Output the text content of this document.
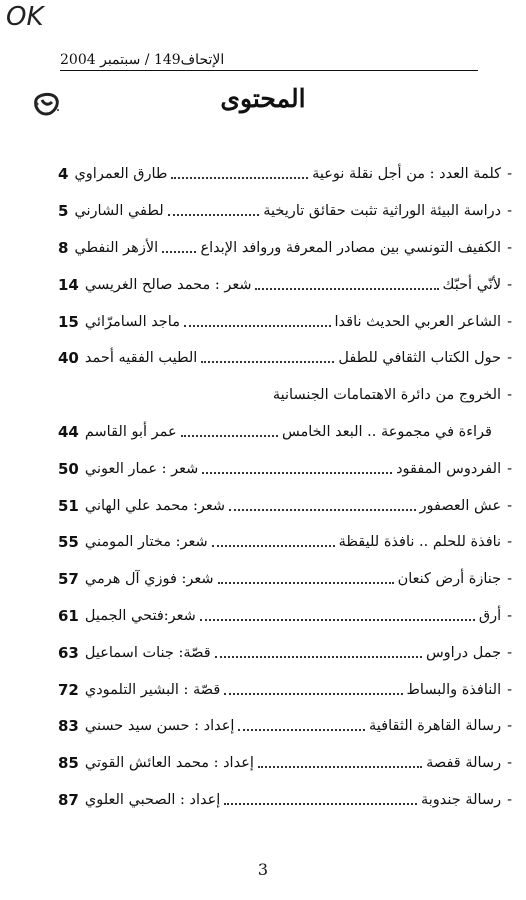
OK
الإتحاف149 / سبتمبر 2004
المحتوى
-
كلمة العدد : من أجل نقلة نوعية
طارق العمراوي
4
-
دراسة البيئة الوراثية تثبت حقائق تاريخية
لطفي الشارني
5
-
الكفيف التونسي بين مصادر المعرفة وروافد الإبداع
الأزهر النفطي
8
-
لأنّي أحبّك
شعر : محمد صالح الغريسي
14
-
الشاعر العربي الحديث ناقدا
ماجد السامرّائي
15
-
حول الكتاب الثقافي للطفل
الطيب الفقيه أحمد
40
-
الخروج من دائرة الاهتمامات الجنسانية
قراءة في مجموعة .. البعد الخامس
عمر أبو القاسم
44
-
الفردوس المفقود
شعر : عمار العوني
50
-
عش العصفور
شعر: محمد علي الهاني
51
-
نافذة للحلم .. نافذة لليقظة
شعر: مختار المومني
55
-
جنازة أرض كنعان
شعر: فوزي آل هرمي
57
-
أرق
شعر:فتحي الجميل
61
-
جمل دراوس
قصّة: جنات اسماعيل
63
-
النافذة والبساط
قصّة : البشير التلمودي
72
-
رسالة القاهرة الثقافية
إعداد : حسن سيد حسني
83
-
رسالة قفصة
إعداد : محمد العائش القوتي
85
-
رسالة جندوبة
إعداد : الصحبي العلوي
87
3
